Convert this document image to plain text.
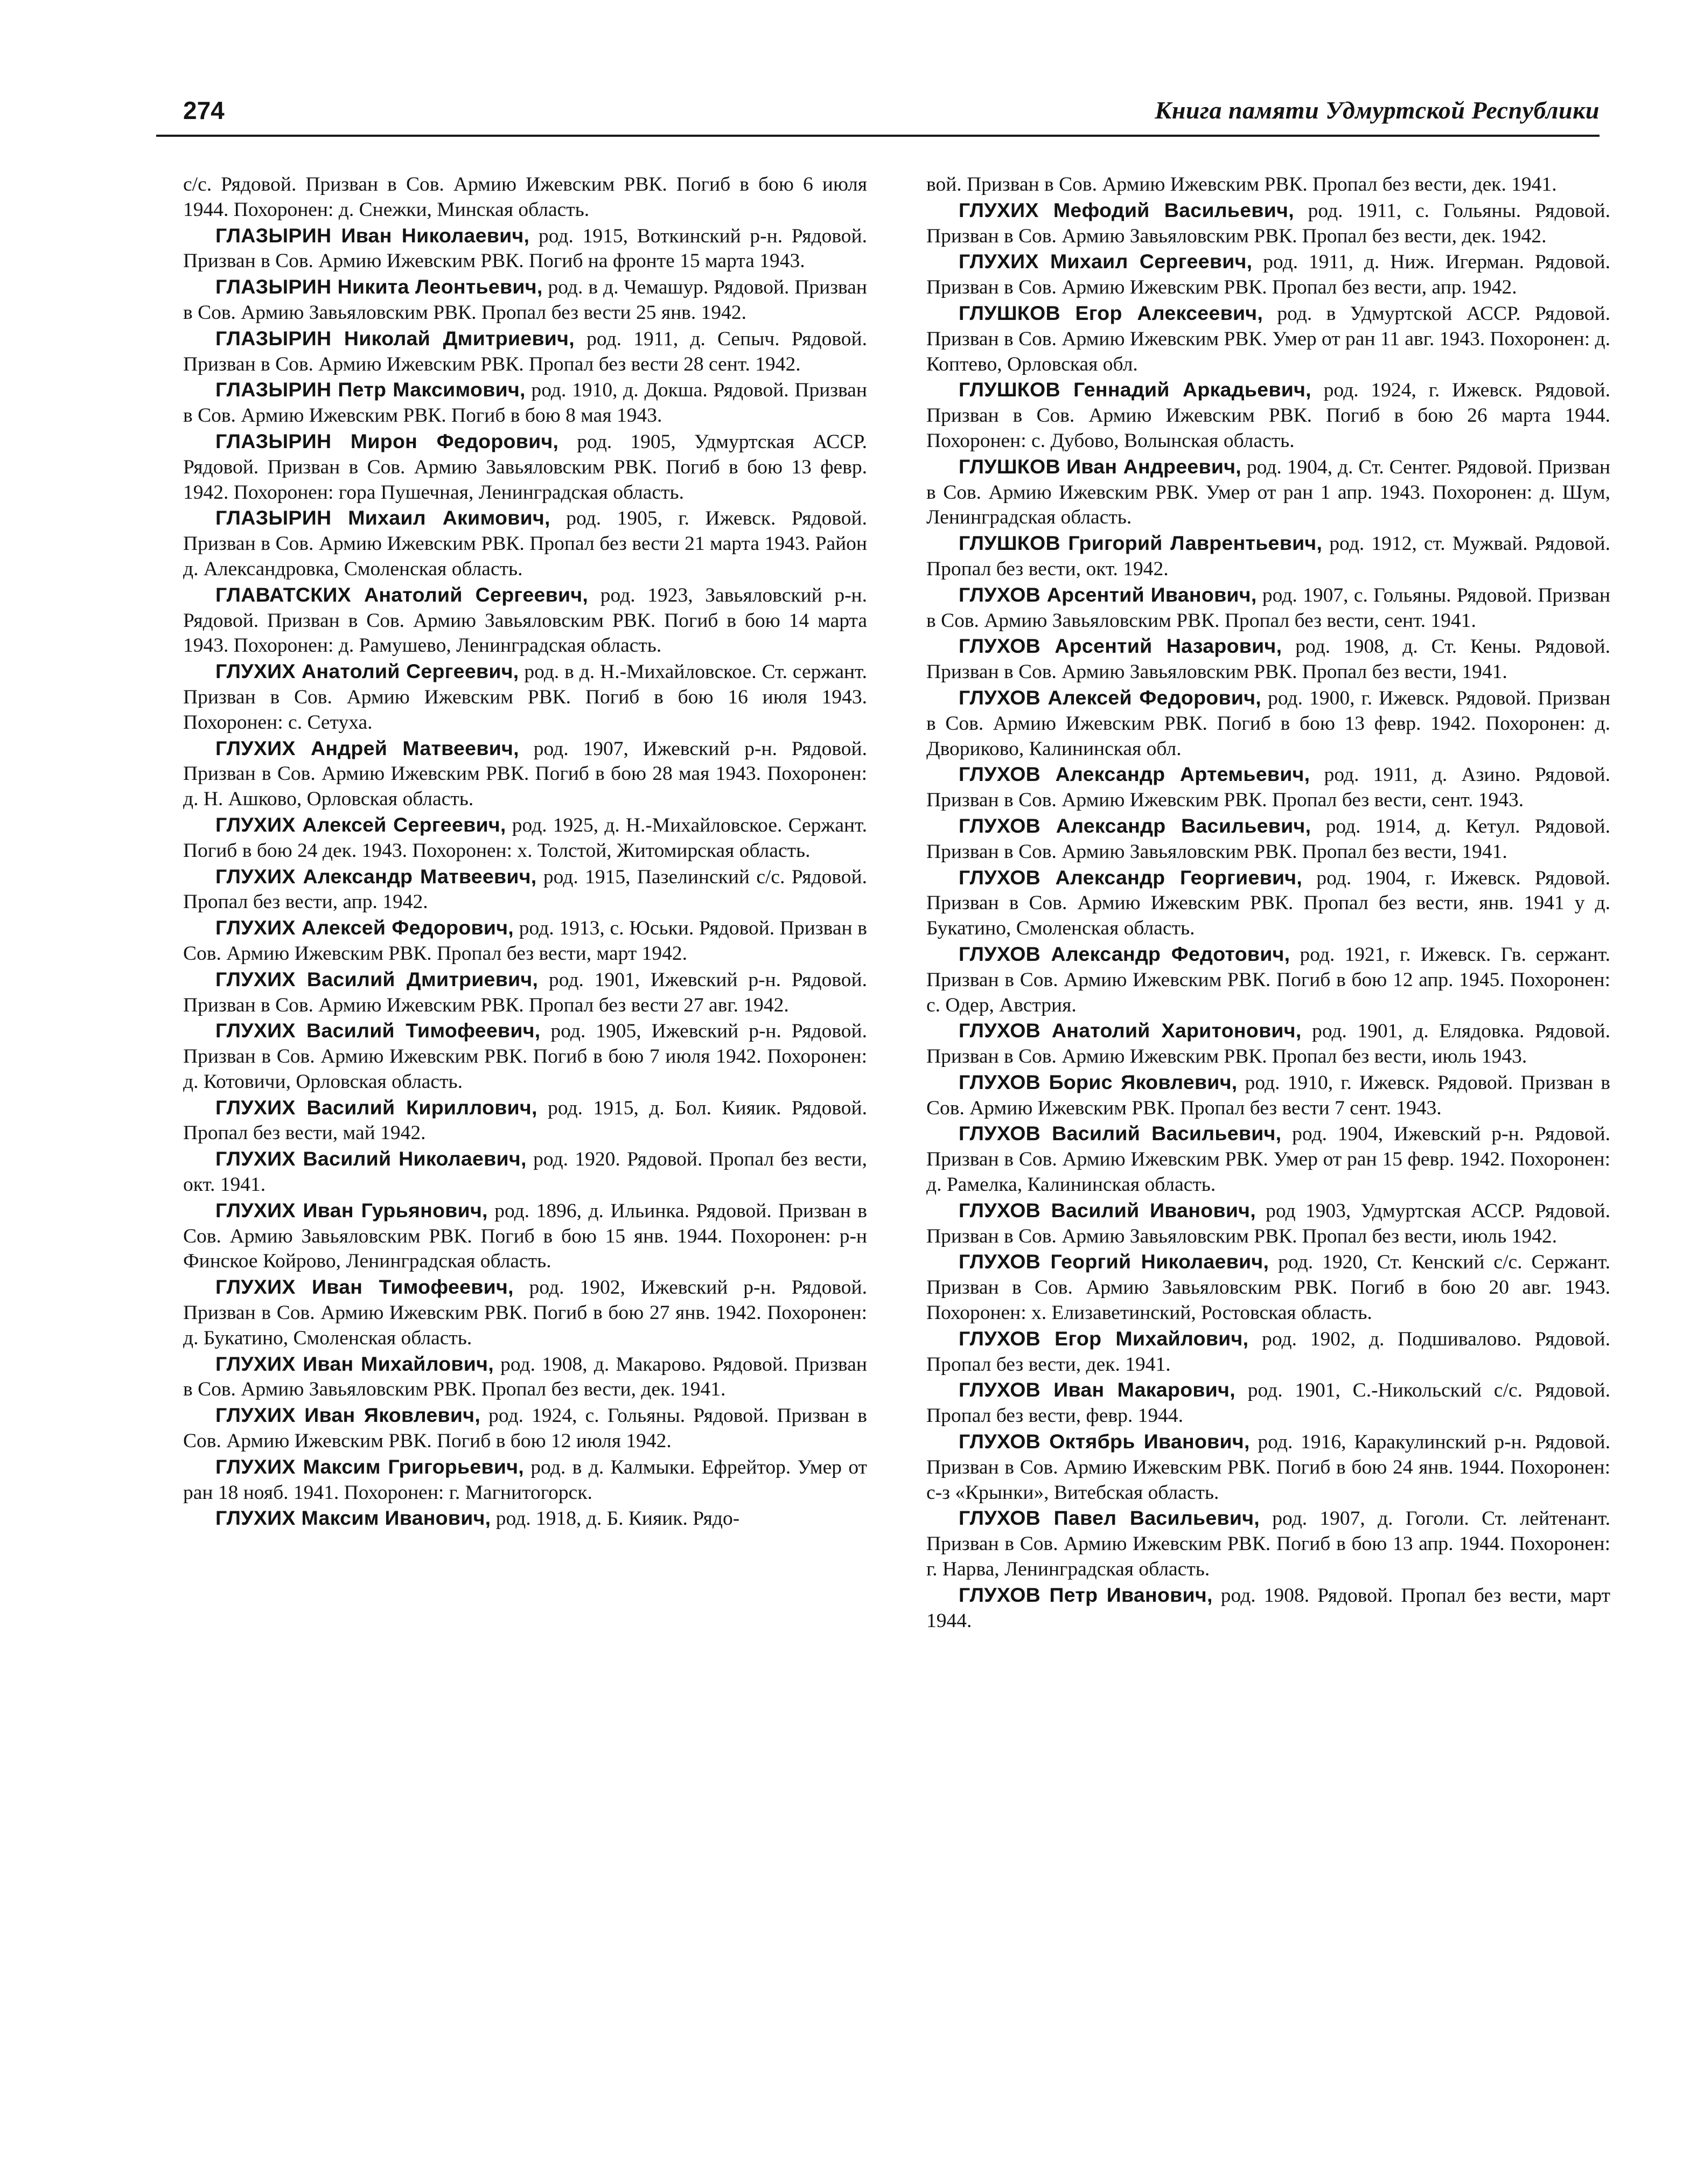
274	Книга памяти Удмуртской Республики

с/с. Рядовой. Призван в Сов. Армию Ижевским РВК. Погиб в бою 6 июля 1944. Похоронен: д. Снежки, Минская область.

ГЛАЗЫРИН Иван Николаевич, род. 1915, Воткинский р-н. Рядовой. Призван в Сов. Армию Ижевским РВК. Погиб на фронте 15 марта 1943.

ГЛАЗЫРИН Никита Леонтьевич, род. в д. Чемашур. Рядовой. Призван в Сов. Армию Завьяловским РВК. Пропал без вести 25 янв. 1942.

ГЛАЗЫРИН Николай Дмитриевич, род. 1911, д. Сепыч. Рядовой. Призван в Сов. Армию Ижевским РВК. Пропал без вести 28 сент. 1942.

ГЛАЗЫРИН Петр Максимович, род. 1910, д. Докша. Рядовой. Призван в Сов. Армию Ижевским РВК. Погиб в бою 8 мая 1943.

ГЛАЗЫРИН Мирон Федорович, род. 1905, Удмуртская АССР. Рядовой. Призван в Сов. Армию Завьяловским РВК. Погиб в бою 13 февр. 1942. Похоронен: гора Пушечная, Ленинградская область.

ГЛАЗЫРИН Михаил Акимович, род. 1905, г. Ижевск. Рядовой. Призван в Сов. Армию Ижевским РВК. Пропал без вести 21 марта 1943. Район д. Александровка, Смоленская область.

ГЛАВАТСКИХ Анатолий Сергеевич, род. 1923, Завьяловский р-н. Рядовой. Призван в Сов. Армию Завьяловским РВК. Погиб в бою 14 марта 1943. Похоронен: д. Рамушево, Ленинградская область.

ГЛУХИХ Анатолий Сергеевич, род. в д. Н.-Михайловское. Ст. сержант. Призван в Сов. Армию Ижевским РВК. Погиб в бою 16 июля 1943. Похоронен: с. Сетуха.

ГЛУХИХ Андрей Матвеевич, род. 1907, Ижевский р-н. Рядовой. Призван в Сов. Армию Ижевским РВК. Погиб в бою 28 мая 1943. Похоронен: д. Н. Ашково, Орловская область.

ГЛУХИХ Алексей Сергеевич, род. 1925, д. Н.-Михайловское. Сержант. Погиб в бою 24 дек. 1943. Похоронен: х. Толстой, Житомирская область.

ГЛУХИХ Александр Матвеевич, род. 1915, Пазелинский с/с. Рядовой. Пропал без вести, апр. 1942.

ГЛУХИХ Алексей Федорович, род. 1913, с. Юськи. Рядовой. Призван в Сов. Армию Ижевским РВК. Пропал без вести, март 1942.

ГЛУХИХ Василий Дмитриевич, род. 1901, Ижевский р-н. Рядовой. Призван в Сов. Армию Ижевским РВК. Пропал без вести 27 авг. 1942.

ГЛУХИХ Василий Тимофеевич, род. 1905, Ижевский р-н. Рядовой. Призван в Сов. Армию Ижевским РВК. Погиб в бою 7 июля 1942. Похоронен: д. Котовичи, Орловская область.

ГЛУХИХ Василий Кириллович, род. 1915, д. Бол. Кияик. Рядовой. Пропал без вести, май 1942.

ГЛУХИХ Василий Николаевич, род. 1920. Рядовой. Пропал без вести, окт. 1941.

ГЛУХИХ Иван Гурьянович, род. 1896, д. Ильинка. Рядовой. Призван в Сов. Армию Завьяловским РВК. Погиб в бою 15 янв. 1944. Похоронен: р-н Финское Койрово, Ленинградская область.

ГЛУХИХ Иван Тимофеевич, род. 1902, Ижевский р-н. Рядовой. Призван в Сов. Армию Ижевским РВК. Погиб в бою 27 янв. 1942. Похоронен: д. Букатино, Смоленская область.

ГЛУХИХ Иван Михайлович, род. 1908, д. Макарово. Рядовой. Призван в Сов. Армию Завьяловским РВК. Пропал без вести, дек. 1941.

ГЛУХИХ Иван Яковлевич, род. 1924, с. Гольяны. Рядовой. Призван в Сов. Армию Ижевским РВК. Погиб в бою 12 июля 1942.

ГЛУХИХ Максим Григорьевич, род. в д. Калмыки. Ефрейтор. Умер от ран 18 нояб. 1941. Похоронен: г. Магнитогорск.

ГЛУХИХ Максим Иванович, род. 1918, д. Б. Кияик. Рядо-

вой. Призван в Сов. Армию Ижевским РВК. Пропал без вести, дек. 1941.

ГЛУХИХ Мефодий Васильевич, род. 1911, с. Гольяны. Рядовой. Призван в Сов. Армию Завьяловским РВК. Пропал без вести, дек. 1942.

ГЛУХИХ Михаил Сергеевич, род. 1911, д. Ниж. Игерман. Рядовой. Призван в Сов. Армию Ижевским РВК. Пропал без вести, апр. 1942.

ГЛУШКОВ Егор Алексеевич, род. в Удмуртской АССР. Рядовой. Призван в Сов. Армию Ижевским РВК. Умер от ран 11 авг. 1943. Похоронен: д. Коптево, Орловская обл.

ГЛУШКОВ Геннадий Аркадьевич, род. 1924, г. Ижевск. Рядовой. Призван в Сов. Армию Ижевским РВК. Погиб в бою 26 марта 1944. Похоронен: с. Дубово, Волынская область.

ГЛУШКОВ Иван Андреевич, род. 1904, д. Ст. Сентег. Рядовой. Призван в Сов. Армию Ижевским РВК. Умер от ран 1 апр. 1943. Похоронен: д. Шум, Ленинградская область.

ГЛУШКОВ Григорий Лаврентьевич, род. 1912, ст. Мужвай. Рядовой. Пропал без вести, окт. 1942.

ГЛУХОВ Арсентий Иванович, род. 1907, с. Гольяны. Рядовой. Призван в Сов. Армию Завьяловским РВК. Пропал без вести, сент. 1941.

ГЛУХОВ Арсентий Назарович, род. 1908, д. Ст. Кены. Рядовой. Призван в Сов. Армию Завьяловским РВК. Пропал без вести, 1941.

ГЛУХОВ Алексей Федорович, род. 1900, г. Ижевск. Рядовой. Призван в Сов. Армию Ижевским РВК. Погиб в бою 13 февр. 1942. Похоронен: д. Двориково, Калининская обл.

ГЛУХОВ Александр Артемьевич, род. 1911, д. Азино. Рядовой. Призван в Сов. Армию Ижевским РВК. Пропал без вести, сент. 1943.

ГЛУХОВ Александр Васильевич, род. 1914, д. Кетул. Рядовой. Призван в Сов. Армию Завьяловским РВК. Пропал без вести, 1941.

ГЛУХОВ Александр Георгиевич, род. 1904, г. Ижевск. Рядовой. Призван в Сов. Армию Ижевским РВК. Пропал без вести, янв. 1941 у д. Букатино, Смоленская область.

ГЛУХОВ Александр Федотович, род. 1921, г. Ижевск. Гв. сержант. Призван в Сов. Армию Ижевским РВК. Погиб в бою 12 апр. 1945. Похоронен: с. Одер, Австрия.

ГЛУХОВ Анатолий Харитонович, род. 1901, д. Елядовка. Рядовой. Призван в Сов. Армию Ижевским РВК. Пропал без вести, июль 1943.

ГЛУХОВ Борис Яковлевич, род. 1910, г. Ижевск. Рядовой. Призван в Сов. Армию Ижевским РВК. Пропал без вести 7 сент. 1943.

ГЛУХОВ Василий Васильевич, род. 1904, Ижевский р-н. Рядовой. Призван в Сов. Армию Ижевским РВК. Умер от ран 15 февр. 1942. Похоронен: д. Рамелка, Калининская область.

ГЛУХОВ Василий Иванович, род 1903, Удмуртская АССР. Рядовой. Призван в Сов. Армию Завьяловским РВК. Пропал без вести, июль 1942.

ГЛУХОВ Георгий Николаевич, род. 1920, Ст. Кенский с/с. Сержант. Призван в Сов. Армию Завьяловским РВК. Погиб в бою 20 авг. 1943. Похоронен: х. Елизаветинский, Ростовская область.

ГЛУХОВ Егор Михайлович, род. 1902, д. Подшивалово. Рядовой. Пропал без вести, дек. 1941.

ГЛУХОВ Иван Макарович, род. 1901, С.-Никольский с/с. Рядовой. Пропал без вести, февр. 1944.

ГЛУХОВ Октябрь Иванович, род. 1916, Каракулинский р-н. Рядовой. Призван в Сов. Армию Ижевским РВК. Погиб в бою 24 янв. 1944. Похоронен: с-з «Крынки», Витебская область.

ГЛУХОВ Павел Васильевич, род. 1907, д. Гоголи. Ст. лейтенант. Призван в Сов. Армию Ижевским РВК. Погиб в бою 13 апр. 1944. Похоронен: г. Нарва, Ленинградская область.

ГЛУХОВ Петр Иванович, род. 1908. Рядовой. Пропал без вести, март 1944.
